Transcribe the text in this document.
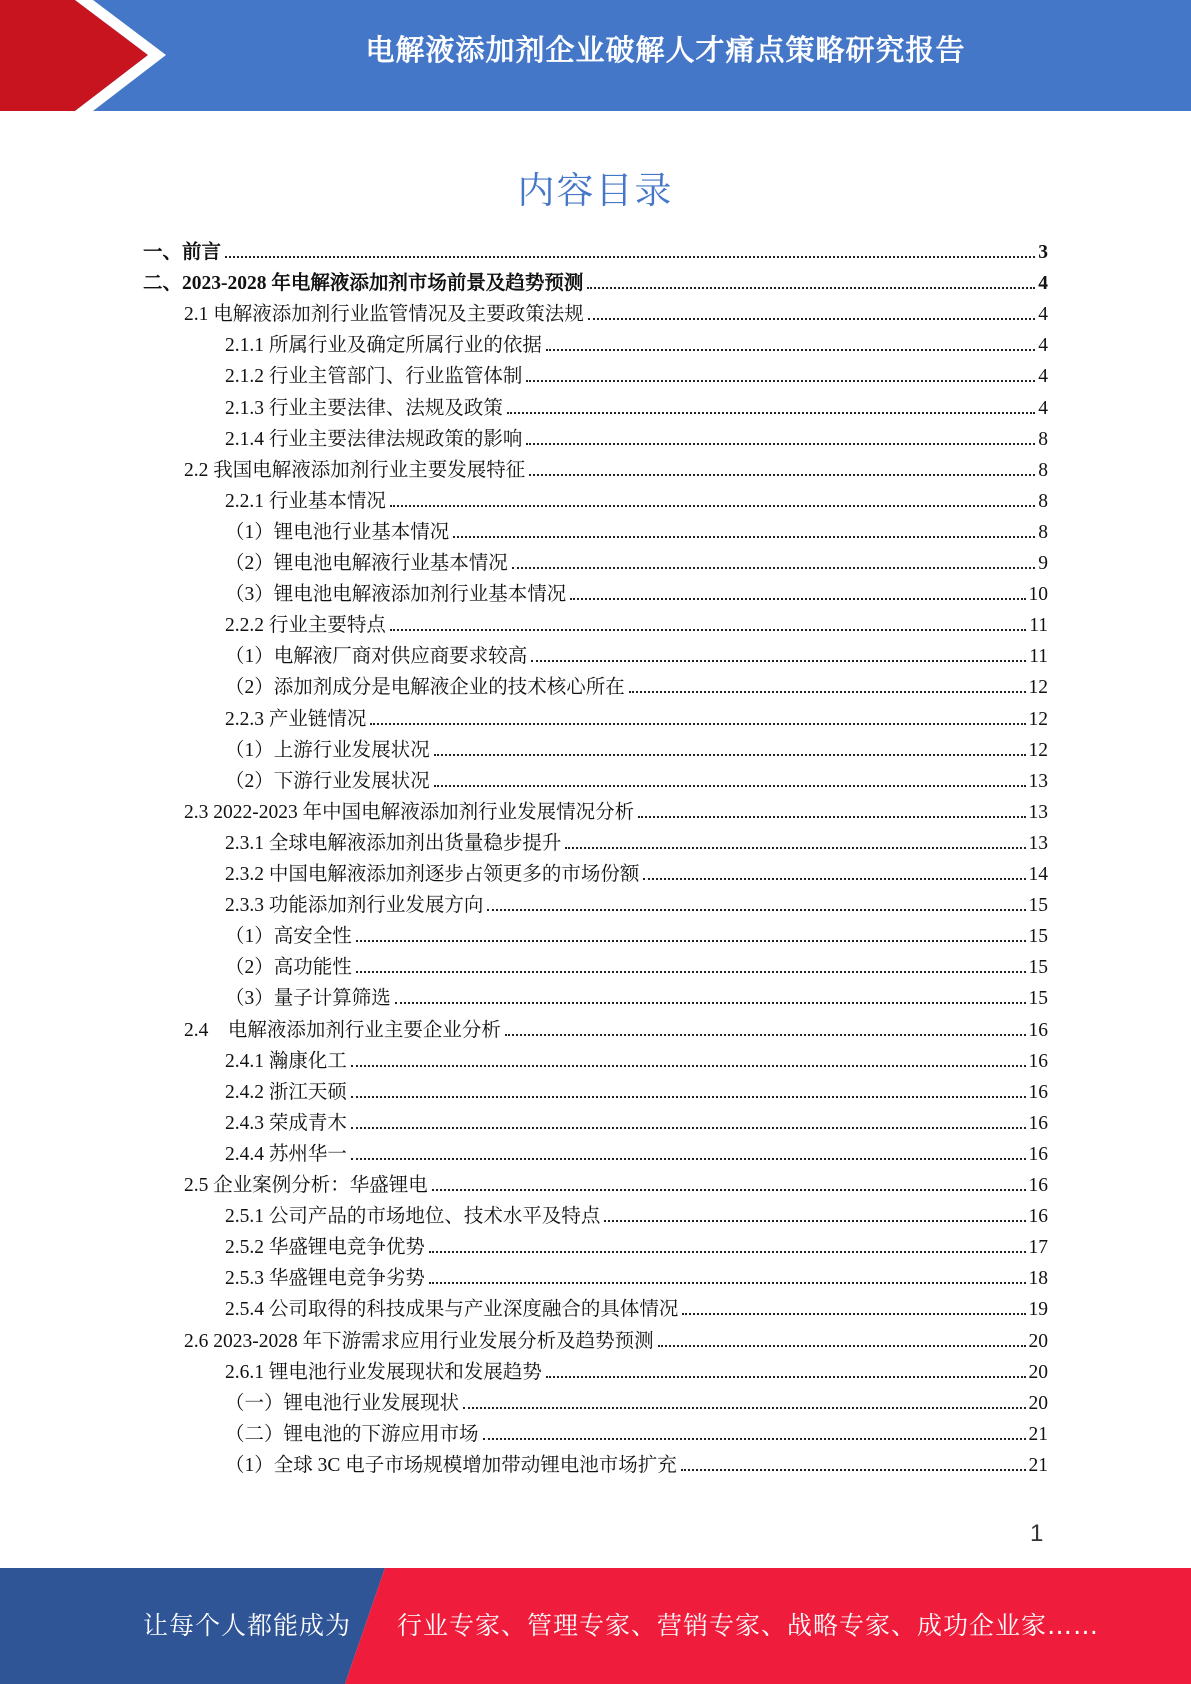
电解液添加剂企业破解人才痛点策略研究报告
内容目录
一、前言	3
二、2023-2028 年电解液添加剂市场前景及趋势预测	4
2.1 电解液添加剂行业监管情况及主要政策法规	4
2.1.1 所属行业及确定所属行业的依据	4
2.1.2 行业主管部门、行业监管体制	4
2.1.3 行业主要法律、法规及政策	4
2.1.4 行业主要法律法规政策的影响	8
2.2 我国电解液添加剂行业主要发展特征	8
2.2.1 行业基本情况	8
（1）锂电池行业基本情况	8
（2）锂电池电解液行业基本情况	9
（3）锂电池电解液添加剂行业基本情况	10
2.2.2 行业主要特点	11
（1）电解液厂商对供应商要求较高	11
（2）添加剂成分是电解液企业的技术核心所在	12
2.2.3 产业链情况	12
（1）上游行业发展状况	12
（2）下游行业发展状况	13
2.3 2022-2023 年中国电解液添加剂行业发展情况分析	13
2.3.1 全球电解液添加剂出货量稳步提升	13
2.3.2 中国电解液添加剂逐步占领更多的市场份额	14
2.3.3 功能添加剂行业发展方向	15
（1）高安全性	15
（2）高功能性	15
（3）量子计算筛选	15
2.4　电解液添加剂行业主要企业分析	16
2.4.1 瀚康化工	16
2.4.2 浙江天硕	16
2.4.3 荣成青木	16
2.4.4 苏州华一	16
2.5 企业案例分析：华盛锂电	16
2.5.1 公司产品的市场地位、技术水平及特点	16
2.5.2 华盛锂电竞争优势	17
2.5.3 华盛锂电竞争劣势	18
2.5.4 公司取得的科技成果与产业深度融合的具体情况	19
2.6 2023-2028 年下游需求应用行业发展分析及趋势预测	20
2.6.1 锂电池行业发展现状和发展趋势	20
（一）锂电池行业发展现状	20
（二）锂电池的下游应用市场	21
（1）全球 3C 电子市场规模增加带动锂电池市场扩充	21
1
让每个人都能成为 行业专家、管理专家、营销专家、战略专家、成功企业家……
